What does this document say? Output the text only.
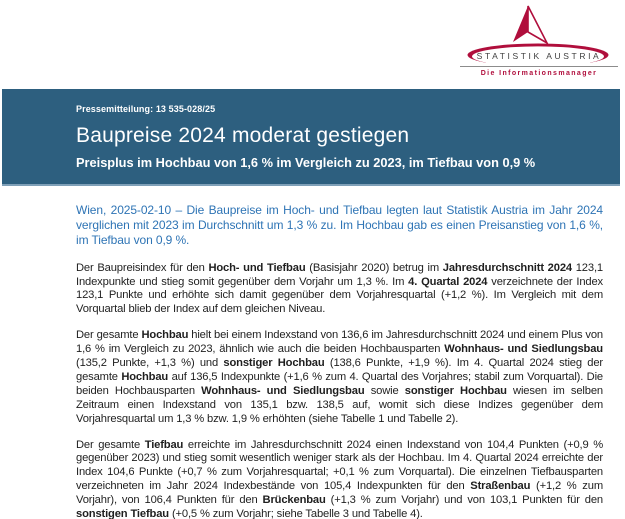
STATISTIK AUSTRIA
Die Informationsmanager
Pressemitteilung: 13 535-028/25
Baupreise 2024 moderat gestiegen
Preisplus im Hochbau von 1,6 % im Vergleich zu 2023, im Tiefbau von 0,9 %

Wien, 2025-02-10 – Die Baupreise im Hoch- und Tiefbau legten laut Statistik Austria im Jahr 2024 verglichen mit 2023 im Durchschnitt um 1,3 % zu. Im Hochbau gab es einen Preisanstieg von 1,6 %, im Tiefbau von 0,9 %.

Der Baupreisindex für den Hoch- und Tiefbau (Basisjahr 2020) betrug im Jahresdurchschnitt 2024 123,1 Indexpunkte und stieg somit gegenüber dem Vorjahr um 1,3 %. Im 4. Quartal 2024 verzeichnete der Index 123,1 Punkte und erhöhte sich damit gegenüber dem Vorjahresquartal (+1,2 %). Im Vergleich mit dem Vorquartal blieb der Index auf dem gleichen Niveau.

Der gesamte Hochbau hielt bei einem Indexstand von 136,6 im Jahresdurchschnitt 2024 und einem Plus von 1,6 % im Vergleich zu 2023, ähnlich wie auch die beiden Hochbausparten Wohnhaus- und Siedlungsbau (135,2 Punkte, +1,3 %) und sonstiger Hochbau (138,6 Punkte, +1,9 %). Im 4. Quartal 2024 stieg der gesamte Hochbau auf 136,5 Indexpunkte (+1,6 % zum 4. Quartal des Vorjahres; stabil zum Vorquartal). Die beiden Hochbausparten Wohnhaus- und Siedlungsbau sowie sonstiger Hochbau wiesen im selben Zeitraum einen Indexstand von 135,1 bzw. 138,5 auf, womit sich diese Indizes gegenüber dem Vorjahresquartal um 1,3 % bzw. 1,9 % erhöhten (siehe Tabelle 1 und Tabelle 2).

Der gesamte Tiefbau erreichte im Jahresdurchschnitt 2024 einen Indexstand von 104,4 Punkten (+0,9 % gegenüber 2023) und stieg somit wesentlich weniger stark als der Hochbau. Im 4. Quartal 2024 erreichte der Index 104,6 Punkte (+0,7 % zum Vorjahresquartal; +0,1 % zum Vorquartal). Die einzelnen Tiefbausparten verzeichneten im Jahr 2024 Indexbestände von 105,4 Indexpunkten für den Straßenbau (+1,2 % zum Vorjahr), von 106,4 Punkten für den Brückenbau (+1,3 % zum Vorjahr) und von 103,1 Punkten für den sonstigen Tiefbau (+0,5 % zum Vorjahr; siehe Tabelle 3 und Tabelle 4).
